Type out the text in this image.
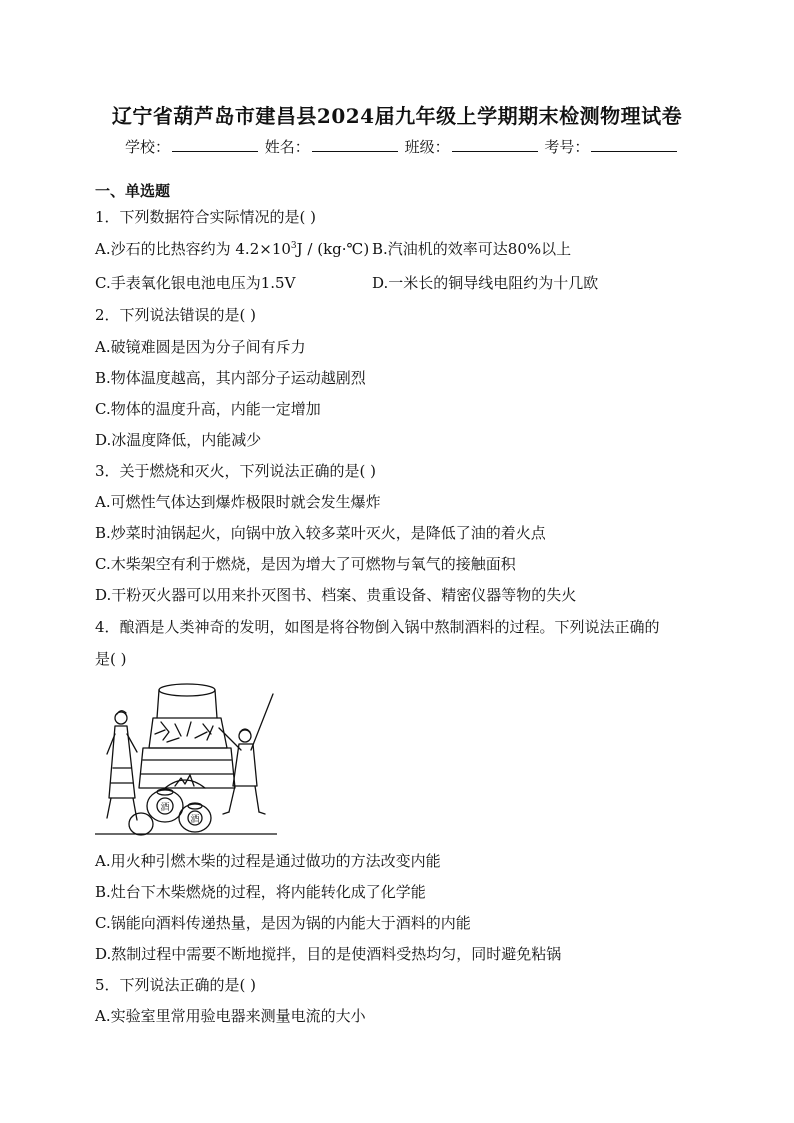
辽宁省葫芦岛市建昌县2024届九年级上学期期末检测物理试卷
学校：	姓名：	班级：	考号：
一、单选题
1．下列数据符合实际情况的是( )
A.沙石的比热容约为 $4.2\times 10^3J$ / (kg·℃) B.汽油机的效率可达80%以上
C.手表氧化银电池电压为1.5V	D.一米长的铜导线电阻约为十几欧
2．下列说法错误的是( )
A.破镜难圆是因为分子间有斥力
B.物体温度越高，其内部分子运动越剧烈
C.物体的温度升高，内能一定增加
D.冰温度降低，内能减少
3．关于燃烧和灭火，下列说法正确的是( )
A.可燃性气体达到爆炸极限时就会发生爆炸
B.炒菜时油锅起火，向锅中放入较多菜叶灭火，是降低了油的着火点
C.木柴架空有利于燃烧，是因为增大了可燃物与氧气的接触面积
D.干粉灭火器可以用来扑灭图书、档案、贵重设备、精密仪器等物的失火
4．酿酒是人类神奇的发明，如图是将谷物倒入锅中熬制酒料的过程。下列说法正确的
是( )
酒
酒
A.用火种引燃木柴的过程是通过做功的方法改变内能
B.灶台下木柴燃烧的过程，将内能转化成了化学能
C.锅能向酒料传递热量，是因为锅的内能大于酒料的内能
D.熬制过程中需要不断地搅拌，目的是使酒料受热均匀，同时避免粘锅
5．下列说法正确的是( )
A.实验室里常用验电器来测量电流的大小
